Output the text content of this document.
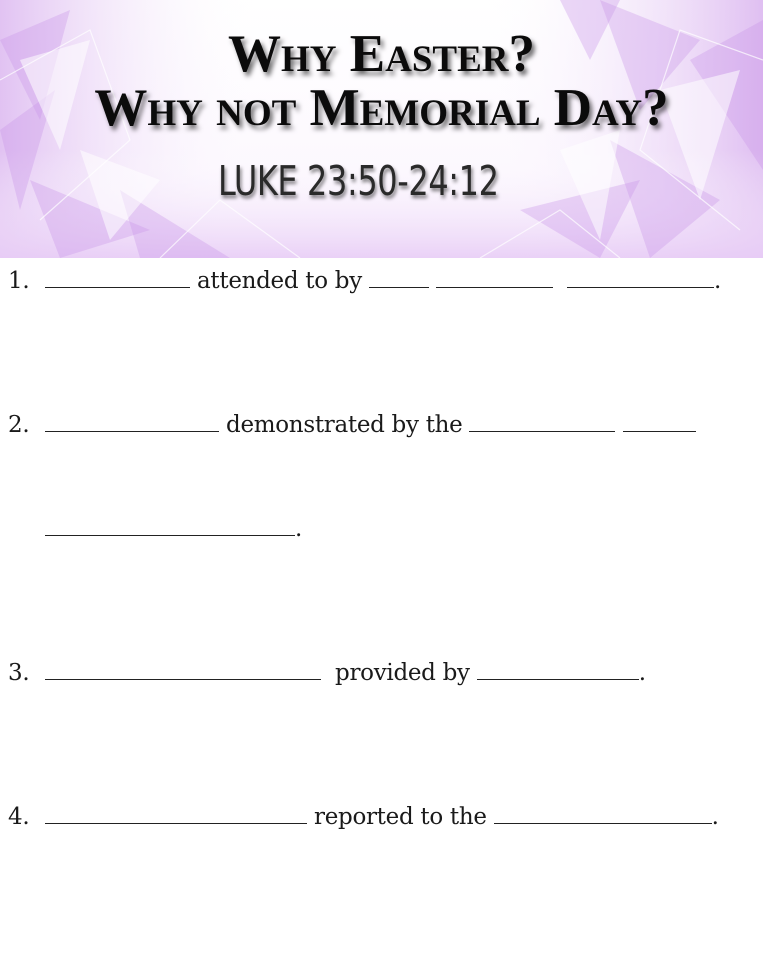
Why Easter?
Why not Memorial Day?
LUKE 23:50-24:12
1.	attended to by	.
2.	demonstrated by the
.
3.	provided by	.
4.	reported to the	.
